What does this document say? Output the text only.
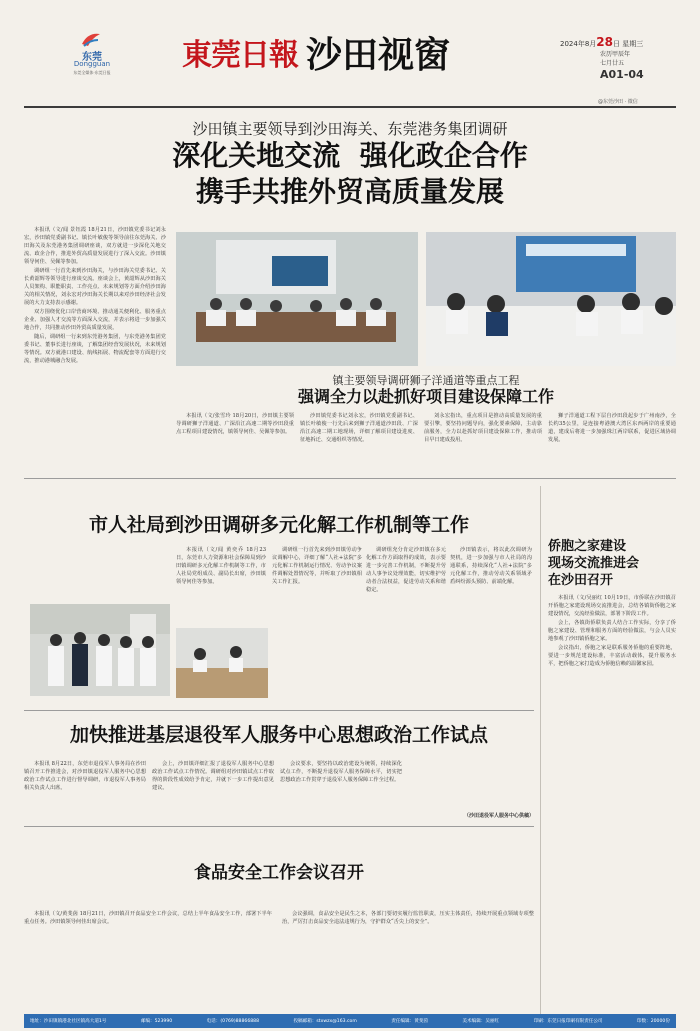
东莞
Dongguan
东莞全媒体·东莞日报	東莞日報 沙田视窗	2024年8月28日 星期三
农历甲辰年
七月廿五
A01-04
@东莞沙田 · 微信
沙田镇主要领导到沙田海关、东莞港务集团调研
深化关地交流  强化政企合作
携手共推外贸高质量发展

本报讯（文/闻 景钰霞 18月21日，沙田镇党委书记刘永宏，沙田镇党委副书记、镇长叶敏俊等领导前往东莞海关、沙田海关及东莞港务集团调研座谈，双方就进一步深化关地交流、政企合作，推进外贸高质量发展进行了深入交流。沙田镇领导何佳、吴佩等参加。

调研组一行首先来到沙田海关，与沙田海关党委书记、关长黄韶辉等领导进行座谈交流。座谈会上，黄韶辉从沙田海关人员架构、职能职责、工作亮点、未来规划等方面介绍沙田海关的相关情况，刘永宏对沙田海关长期以来对沙田经济社会发展的大力支持表示感谢。

双方围绕优化口岸营商环境、推动通关便利化、服务重点企业、加强人才交流等方面深入交流，并表示将进一步加强关地合作，共同推动沙田外贸高质量发展。

随后，调研组一行来到东莞港务集团，与东莞港务集团党委书记、董事长进行座谈，了解集团经营发展状况，未来规划等情况。双方就港口建设、航线拓展、物流配套等方面进行交流，推动港城融合发展。

镇主要领导调研狮子洋通道等重点工程
强调全力以赴抓好项目建设保障工作

本报讯（文/张雪玲 18月20日，沙田镇主要领导调研狮子洋通道、广深沿江高速二期等沙田段重点工程项目建设情况，镇领导何佳、吴佩等参加。

沙田镇党委书记刘永宏，沙田镇党委副书记、镇长叶敏俊一行先后来到狮子洋通道沙田段、广深沿江高速二期工地现场，详细了解项目建设进度、征地拆迁、交通组织等情况。

刘永宏指出，重点项目是推动高质量发展的重要引擎，要坚持问题导向，强化要素保障，主动靠前服务，全力以赴抓好项目建设保障工作，推动项目早日建成投用。

狮子洋通道工程下层自沙田段起步于广州南沙，全长约35公里，是连接粤港澳大湾区东西两岸的重要通道，建成后将进一步加强珠江两岸联系，促进区域协调发展。

市人社局到沙田调研多元化解工作机制等工作

本报讯（文/闻 黄奕乔 18月23日，东莞市人力资源和社会保障局到沙田镇调研多元化解工作机制等工作，市人社局党组成员、副局长出席，沙田镇领导何佳等参加。

调研组一行首先来到沙田镇劳动争议调解中心，详细了解“人社+法院”多元化解工作机制运行情况、劳动争议案件调解处置情况等，并听取了沙田镇相关工作汇报。

调研组充分肯定沙田镇在多元化解工作方面取得的成效，表示要进一步完善工作机制，不断提升劳动人事争议处理效能，切实维护劳动者合法权益，促进劳动关系和谐稳定。

沙田镇表示，将以此次调研为契机，进一步加强与市人社局的沟通联系，持续深化“人社+法院”多元化解工作，推动劳动关系领域矛盾纠纷源头预防、前端化解。

侨胞之家建设
现场交流推进会
在沙田召开

本报讯（文/吴丽红 10月19日，市侨联在沙田镇召开侨胞之家建设现场交流推进会，总结各镇街侨胞之家建设情况，交流经验做法，部署下阶段工作。

会上，各镇街侨联负责人结合工作实际，分享了侨胞之家建设、管理和服务方面的经验做法，与会人员实地参观了沙田镇侨胞之家。

会议指出，侨胞之家是联系服务侨胞的重要阵地，要进一步规范建设标准，丰富活动载体，提升服务水平，把侨胞之家打造成为侨胞信赖的温馨家园。

加快推进基层退役军人服务中心思想政治工作试点

本报讯 8月22日，东莞市退役军人事务局在沙田镇召开工作推进会，对沙田镇退役军人服务中心思想政治工作试点工作进行督导调研，市退役军人事务局相关负责人出席。

会上，沙田镇详细汇报了退役军人服务中心思想政治工作试点工作情况。调研组对沙田镇试点工作取得的阶段性成效给予肯定，并就下一步工作提出意见建议。

会议要求，要坚持以政治建设为统领，持续深化试点工作，不断提升退役军人服务保障水平，切实把思想政治工作贯穿于退役军人服务保障工作全过程。

（沙田退役军人服务中心供稿）
食品安全工作会议召开

本报讯（文/黄斐茵 18月21日，沙田镇召开食品安全工作会议，总结上半年食品安全工作，部署下半年重点任务。沙田镇领导何佳出席会议。

会议强调，食品安全是民生之本，各部门要切实履行监管职责，压实主体责任，持续开展重点领域专项整治，严厉打击食品安全违法违规行为，守护群众“舌尖上的安全”。

地址：沙田镇镇港北社区镇高大道1号	邮编：523990	电话：(0769)88866888	投稿邮箱：stxwzx@163.com	责任编辑：黄斐茵	美术编辑：吴丽红	印刷：东莞日报印刷有限责任公司	印数：20000份
